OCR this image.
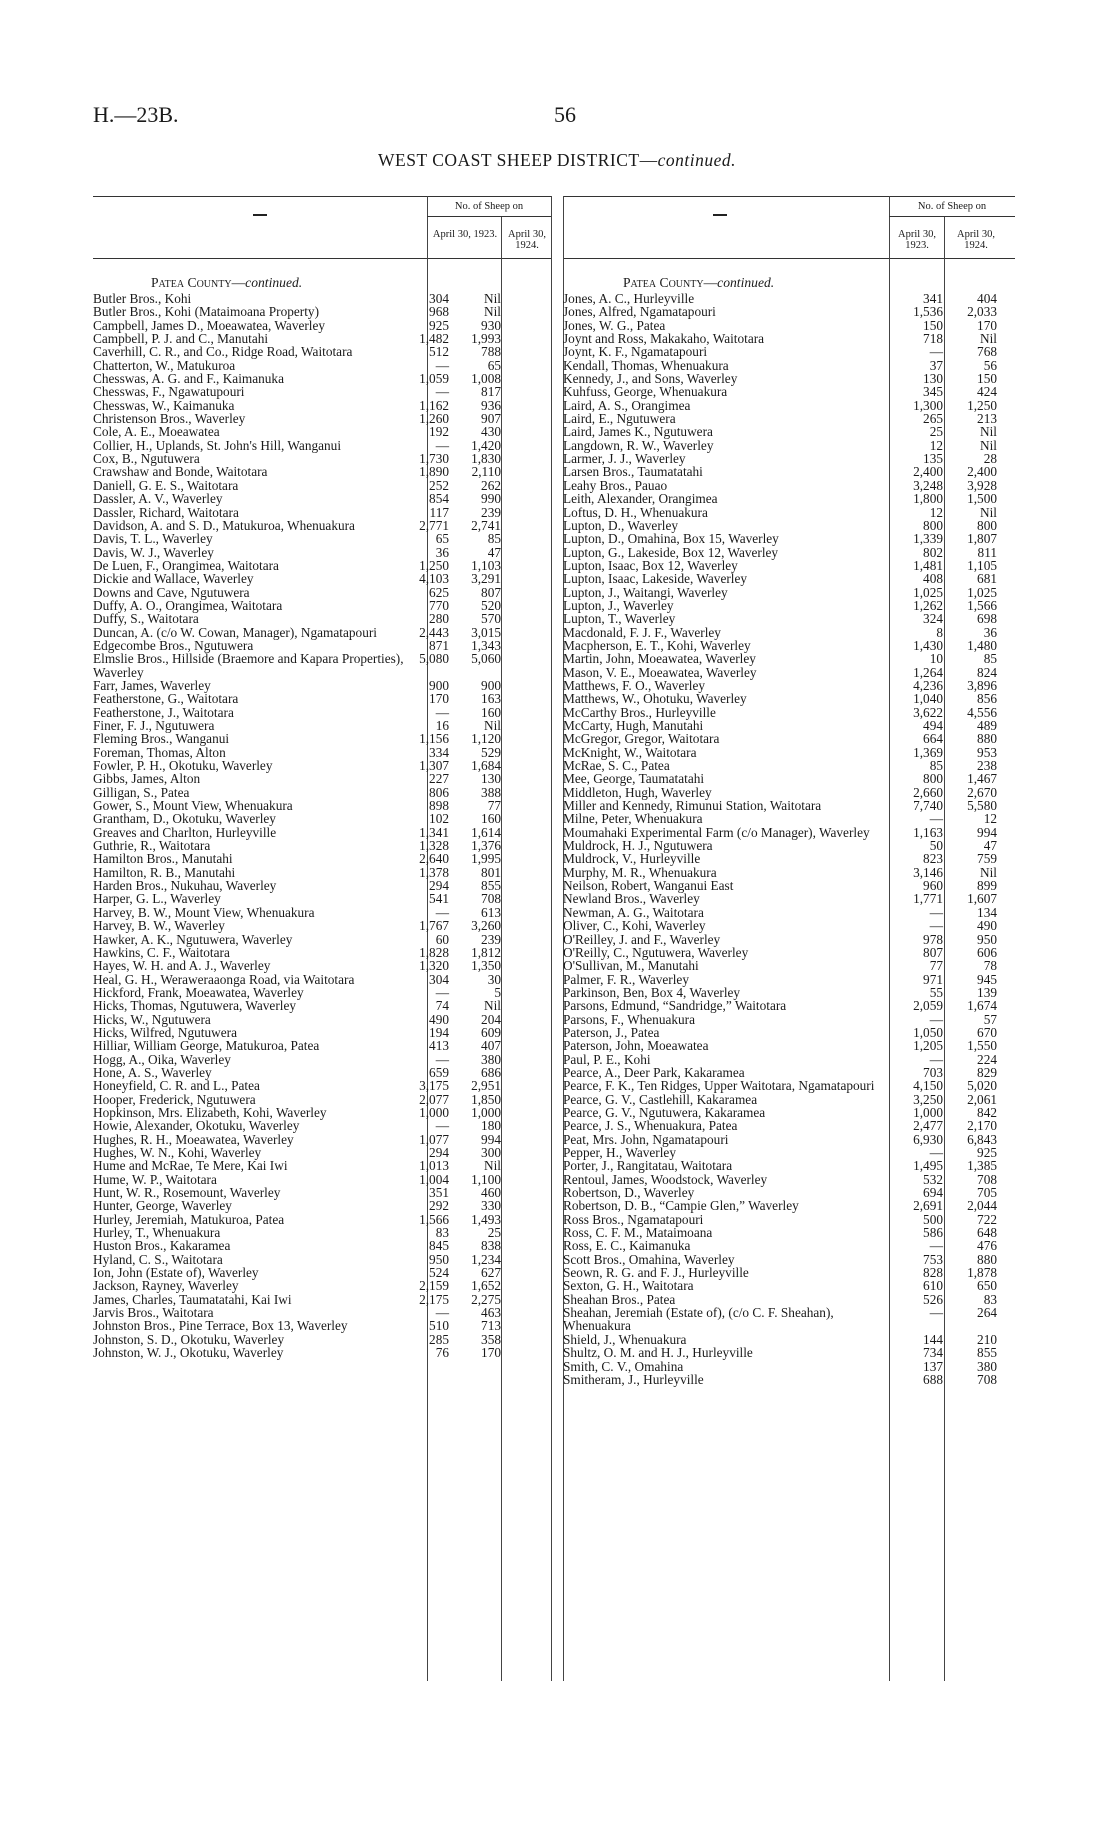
H.—23B.	56
WEST COAST SHEEP DISTRICT—continued.
No. of Sheep on
April 30, 1923.	April 30, 1924.
Patea County—continued.
Butler Bros., Kohi	304	Nil
Butler Bros., Kohi (Mataimoana Property)	968	Nil
Campbell, James D., Moeawatea, Waverley	925	930
Campbell, P. J. and C., Manutahi	1,482	1,993
Caverhill, C. R., and Co., Ridge Road, Waitotara	512	788
Chatterton, W., Matukuroa	—	65
Chesswas, A. G. and F., Kaimanuka	1,059	1,008
Chesswas, F., Ngawatupouri	—	817
Chesswas, W., Kaimanuka	1,162	936
Christenson Bros., Waverley	1,260	907
Cole, A. E., Moeawatea	192	430
Collier, H., Uplands, St. John's Hill, Wanganui	—	1,420
Cox, B., Ngutuwera	1,730	1,830
Crawshaw and Bonde, Waitotara	1,890	2,110
Daniell, G. E. S., Waitotara	252	262
Dassler, A. V., Waverley	854	990
Dassler, Richard, Waitotara	117	239
Davidson, A. and S. D., Matukuroa, Whenuakura	2,771	2,741
Davis, T. L., Waverley	65	85
Davis, W. J., Waverley	36	47
De Luen, F., Orangimea, Waitotara	1,250	1,103
Dickie and Wallace, Waverley	4,103	3,291
Downs and Cave, Ngutuwera	625	807
Duffy, A. O., Orangimea, Waitotara	770	520
Duffy, S., Waitotara	280	570
Duncan, A. (c/o W. Cowan, Manager), Ngamatapouri	2,443	3,015
Edgecombe Bros., Ngutuwera	871	1,343
Elmslie Bros., Hillside (Braemore and Kapara Properties), Waverley
5,080	5,060
Farr, James, Waverley	900	900
Featherstone, G., Waitotara	170	163
Featherstone, J., Waitotara	—	160
Finer, F. J., Ngutuwera	16	Nil
Fleming Bros., Wanganui	1,156	1,120
Foreman, Thomas, Alton	334	529
Fowler, P. H., Okotuku, Waverley	1,307	1,684
Gibbs, James, Alton	227	130
Gilligan, S., Patea	806	388
Gower, S., Mount View, Whenuakura	898	77
Grantham, D., Okotuku, Waverley	102	160
Greaves and Charlton, Hurleyville	1,341	1,614
Guthrie, R., Waitotara	1,328	1,376
Hamilton Bros., Manutahi	2,640	1,995
Hamilton, R. B., Manutahi	1,378	801
Harden Bros., Nukuhau, Waverley	294	855
Harper, G. L., Waverley	541	708
Harvey, B. W., Mount View, Whenuakura	—	613
Harvey, B. W., Waverley	1,767	3,260
Hawker, A. K., Ngutuwera, Waverley	60	239
Hawkins, C. F., Waitotara	1,828	1,812
Hayes, W. H. and A. J., Waverley	1,320	1,350
Heal, G. H., Weraweraaonga Road, via Waitotara	304	30
Hickford, Frank, Moeawatea, Waverley	—	5
Hicks, Thomas, Ngutuwera, Waverley	74	Nil
Hicks, W., Ngutuwera	490	204
Hicks, Wilfred, Ngutuwera	194	609
Hilliar, William George, Matukuroa, Patea	413	407
Hogg, A., Oika, Waverley	—	380
Hone, A. S., Waverley	659	686
Honeyfield, C. R. and L., Patea	3,175	2,951
Hooper, Frederick, Ngutuwera	2,077	1,850
Hopkinson, Mrs. Elizabeth, Kohi, Waverley	1,000	1,000
Howie, Alexander, Okotuku, Waverley	—	180
Hughes, R. H., Moeawatea, Waverley	1,077	994
Hughes, W. N., Kohi, Waverley	294	300
Hume and McRae, Te Mere, Kai Iwi	1,013	Nil
Hume, W. P., Waitotara	1,004	1,100
Hunt, W. R., Rosemount, Waverley	351	460
Hunter, George, Waverley	292	330
Hurley, Jeremiah, Matukuroa, Patea	1,566	1,493
Hurley, T., Whenuakura	83	25
Huston Bros., Kakaramea	845	838
Hyland, C. S., Waitotara	950	1,234
Ion, John (Estate of), Waverley	524	627
Jackson, Rayney, Waverley	2,159	1,652
James, Charles, Taumatatahi, Kai Iwi	2,175	2,275
Jarvis Bros., Waitotara	—	463
Johnston Bros., Pine Terrace, Box 13, Waverley	510	713
Johnston, S. D., Okotuku, Waverley	285	358
Johnston, W. J., Okotuku, Waverley	76	170
No. of Sheep on
April 30, 1923.
April 30, 1924.
Patea County—continued.
Jones, A. C., Hurleyville	341	404
Jones, Alfred, Ngamatapouri	1,536	2,033
Jones, W. G., Patea	150	170
Joynt and Ross, Makakaho, Waitotara	718	Nil
Joynt, K. F., Ngamatapouri	—	768
Kendall, Thomas, Whenuakura	37	56
Kennedy, J., and Sons, Waverley	130	150
Kuhfuss, George, Whenuakura	345	424
Laird, A. S., Orangimea	1,300	1,250
Laird, E., Ngutuwera	265	213
Laird, James K., Ngutuwera	25	Nil
Langdown, R. W., Waverley	12	Nil
Larmer, J. J., Waverley	135	28
Larsen Bros., Taumatatahi	2,400	2,400
Leahy Bros., Pauao	3,248	3,928
Leith, Alexander, Orangimea	1,800	1,500
Loftus, D. H., Whenuakura	12	Nil
Lupton, D., Waverley	800	800
Lupton, D., Omahina, Box 15, Waverley	1,339	1,807
Lupton, G., Lakeside, Box 12, Waverley	802	811
Lupton, Isaac, Box 12, Waverley	1,481	1,105
Lupton, Isaac, Lakeside, Waverley	408	681
Lupton, J., Waitangi, Waverley	1,025	1,025
Lupton, J., Waverley	1,262	1,566
Lupton, T., Waverley	324	698
Macdonald, F. J. F., Waverley	8	36
Macpherson, E. T., Kohi, Waverley	1,430	1,480
Martin, John, Moeawatea, Waverley	10	85
Mason, V. E., Moeawatea, Waverley	1,264	824
Matthews, F. O., Waverley	4,236	3,896
Matthews, W., Ohotuku, Waverley	1,040	856
McCarthy Bros., Hurleyville	3,622	4,556
McCarty, Hugh, Manutahi	494	489
McGregor, Gregor, Waitotara	664	880
McKnight, W., Waitotara	1,369	953
McRae, S. C., Patea	85	238
Mee, George, Taumatatahi	800	1,467
Middleton, Hugh, Waverley	2,660	2,670
Miller and Kennedy, Rimunui Station, Waitotara	7,740	5,580
Milne, Peter, Whenuakura	—	12
Moumahaki Experimental Farm (c/o Manager), Waverley	1,163	994
Muldrock, H. J., Ngutuwera	50	47
Muldrock, V., Hurleyville	823	759
Murphy, M. R., Whenuakura	3,146	Nil
Neilson, Robert, Wanganui East	960	899
Newland Bros., Waverley	1,771	1,607
Newman, A. G., Waitotara	—	134
Oliver, C., Kohi, Waverley	—	490
O'Reilley, J. and F., Waverley	978	950
O'Reilly, C., Ngutuwera, Waverley	807	606
O'Sullivan, M., Manutahi	77	78
Palmer, F. R., Waverley	971	945
Parkinson, Ben, Box 4, Waverley	55	139
Parsons, Edmund, “Sandridge,” Waitotara	2,059	1,674
Parsons, F., Whenuakura	—	57
Paterson, J., Patea	1,050	670
Paterson, John, Moeawatea	1,205	1,550
Paul, P. E., Kohi	—	224
Pearce, A., Deer Park, Kakaramea	703	829
Pearce, F. K., Ten Ridges, Upper Waitotara, Ngamatapouri	4,150	5,020
Pearce, G. V., Castlehill, Kakaramea	3,250	2,061
Pearce, G. V., Ngutuwera, Kakaramea	1,000	842
Pearce, J. S., Whenuakura, Patea	2,477	2,170
Peat, Mrs. John, Ngamatapouri	6,930	6,843
Pepper, H., Waverley	—	925
Porter, J., Rangitatau, Waitotara	1,495	1,385
Rentoul, James, Woodstock, Waverley	532	708
Robertson, D., Waverley	694	705
Robertson, D. B., “Campie Glen,” Waverley	2,691	2,044
Ross Bros., Ngamatapouri	500	722
Ross, C. F. M., Mataimoana	586	648
Ross, E. C., Kaimanuka	—	476
Scott Bros., Omahina, Waverley	753	880
Seown, R. G. and F. J., Hurleyville	828	1,878
Sexton, G. H., Waitotara	610	650
Sheahan Bros., Patea	526	83
Sheahan, Jeremiah (Estate of), (c/o C. F. Sheahan), Whenuakura
—	264
Shield, J., Whenuakura	144	210
Shultz, O. M. and H. J., Hurleyville	734	855
Smith, C. V., Omahina	137	380
Smitheram, J., Hurleyville	688	708
